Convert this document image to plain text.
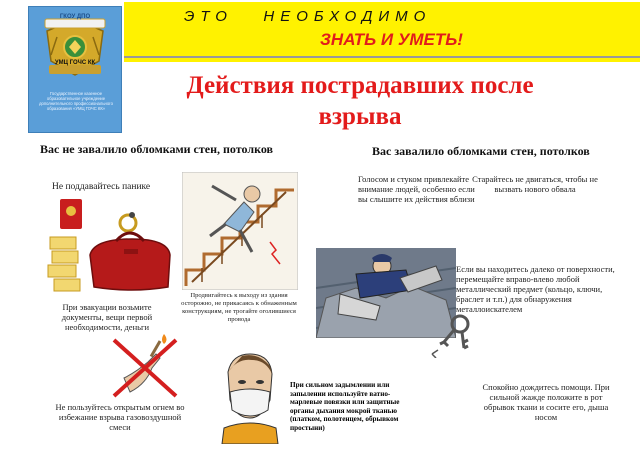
ГКОУ ДПО
УМЦ ГОЧС КК
Государственное казенное образовательное учреждение дополнительного профессионального образования «УМЦ ГОЧС КК»
ЭТО   НЕОБХОДИМО
ЗНАТЬ И УМЕТЬ!
Действия пострадавших после взрыва
Вас не завалило обломками стен, потолков	Вас завалило обломками стен, потолков
Не поддавайтесь панике
При эвакуации возьмите документы, вещи первой необходимости, деньги
Продвигайтесь к выходу из здания осторожно, не прикасаясь к обнаженным конструкциям, не трогайте оголившиеся провода
Не пользуйтесь открытым огнем во избежание взрыва газовоздушной смеси
При сильном задымлении или запылении используйте ватно-марлевые повязки или защитные органы дыхания мокрой тканью (платком, полотенцем, обрывком простыни)
Голосом и стуком привлекайте внимание людей, особенно если вы слышите их действия вблизи
Старайтесь не двигаться, чтобы не вызвать нового обвала
Если вы находитесь далеко от поверхности, перемещайте вправо-влево любой металлический предмет (кольцо, ключи, браслет и т.п.) для обнаружения металлоискателем
Спокойно дождитесь помощи. При сильной жажде положите в рот обрывок ткани и сосите его, дыша носом
